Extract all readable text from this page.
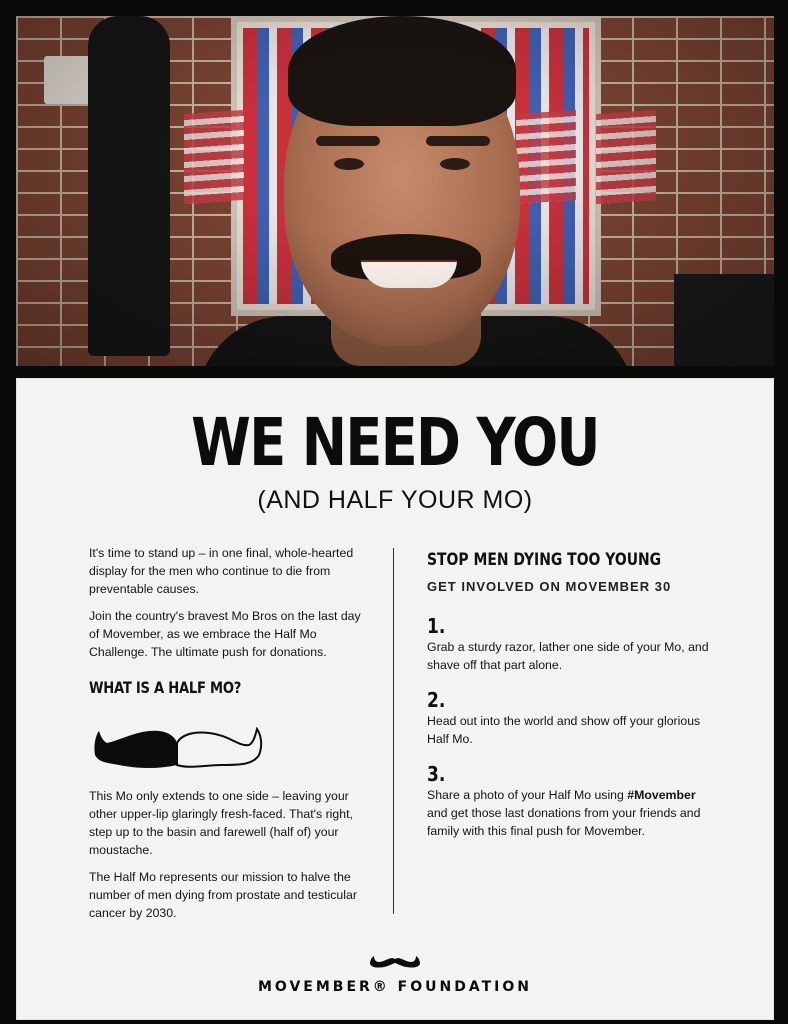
WE NEED YOU
(AND HALF YOUR MO)

It's time to stand up – in one final, whole-hearted display for the men who continue to die from preventable causes.

Join the country's bravest Mo Bros on the last day of Movember, as we embrace the Half Mo Challenge. The ultimate push for donations.

WHAT IS A HALF MO?

This Mo only extends to one side – leaving your other upper-lip glaringly fresh-faced. That's right, step up to the basin and farewell (half of) your moustache.

The Half Mo represents our mission to halve the number of men dying from prostate and testicular cancer by 2030.

STOP MEN DYING TOO YOUNG
GET INVOLVED ON MOVEMBER 30
1.

Grab a sturdy razor, lather one side of your Mo, and shave off that part alone.

2.

Head out into the world and show off your glorious Half Mo.

3.

Share a photo of your Half Mo using #Movember and get those last donations from your friends and family with this final push for Movember.

MOVEMBER® FOUNDATION
